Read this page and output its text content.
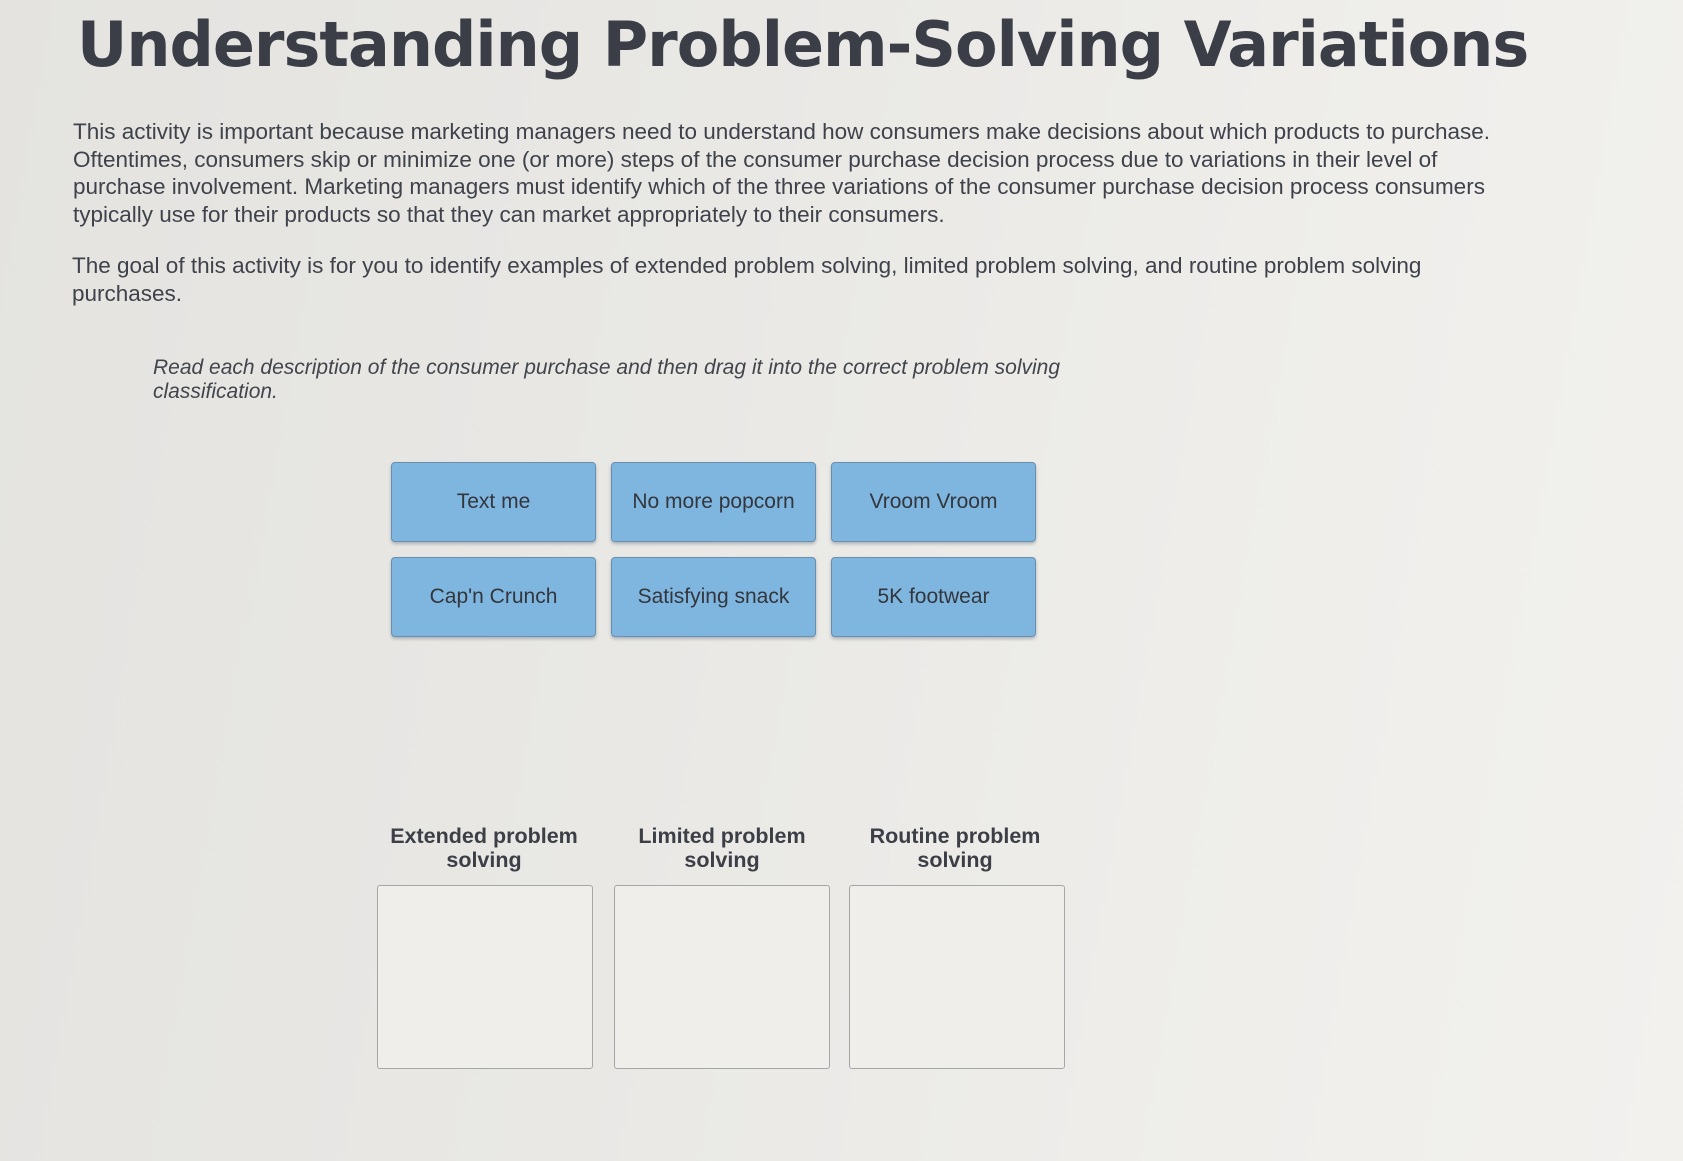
Understanding Problem-Solving Variations

This activity is important because marketing managers need to understand how consumers make decisions about which products to purchase. Oftentimes, consumers skip or minimize one (or more) steps of the consumer purchase decision process due to variations in their level of purchase involvement. Marketing managers must identify which of the three variations of the consumer purchase decision process consumers typically use for their products so that they can market appropriately to their consumers.

The goal of this activity is for you to identify examples of extended problem solving, limited problem solving, and routine problem solving purchases.

Read each description of the consumer purchase and then drag it into the correct problem solving classification.

Text me	No more popcorn	Vroom Vroom
Cap'n Crunch	Satisfying snack	5K footwear
Extended problem solving
Limited problem solving
Routine problem solving
